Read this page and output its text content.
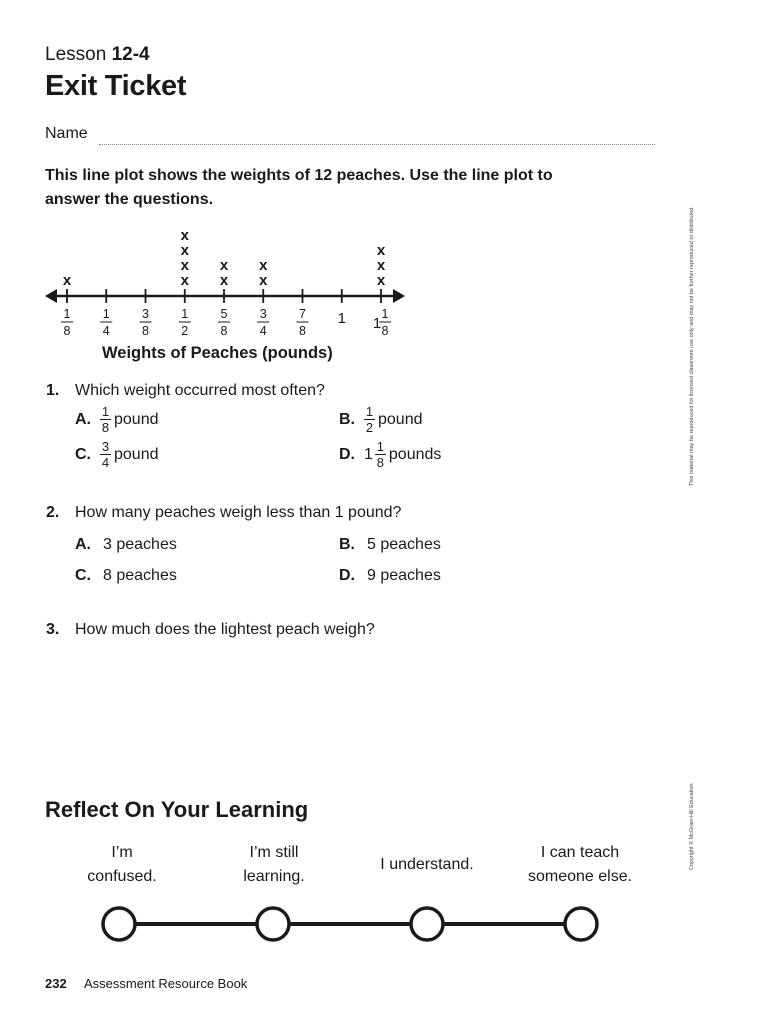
Lesson 12-4
Exit Ticket
Name
This line plot shows the weights of 12 peaches. Use the line plot to answer the questions.
1
8
x
1
4
3
8
1
2
x
x
x
x
5
8
x
x
3
4
x
x
7
8
1 1
1
8
x
x
x
Weights of Peaches (pounds)
1. Which weight occurred most often?
A. $\frac{1}{8}$ pound	B. $\frac{1}{2}$ pound
C. $\frac{3}{4}$ pound	D. $1 \frac{1}{8}$ pounds
2. How many peaches weigh less than 1 pound?
A. 3 peaches	B. 5 peaches
C. 8 peaches	D. 9 peaches
3. How much does the lightest peach weigh?
Reflect On Your Learning
I’m
confused.
I’m still
learning.
I understand.
I can teach
someone else.
232 Assessment Resource Book
This material may be reproduced for licensed classroom use only and may not be further reproduced or distributed.
Copyright © McGraw-Hill Education
